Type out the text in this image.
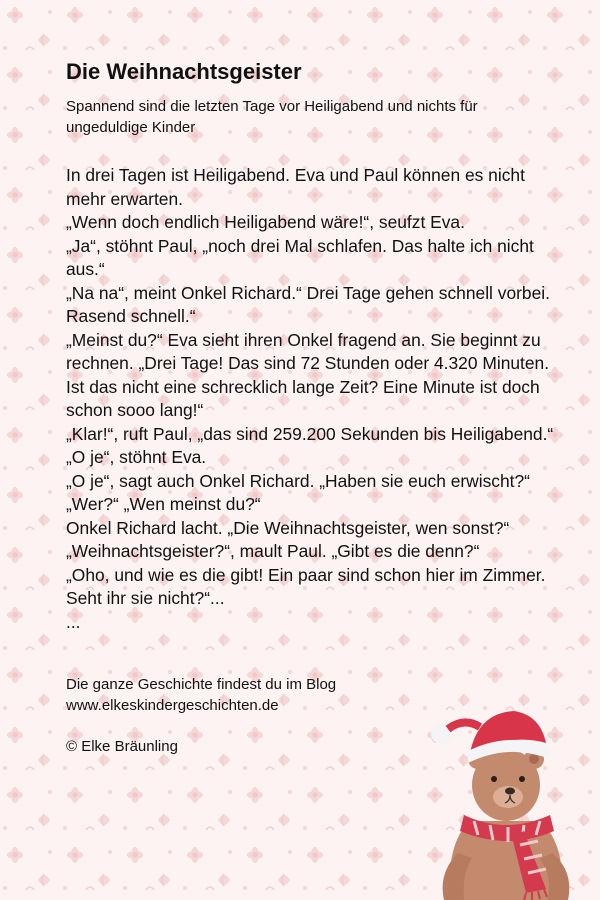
Die Weihnachtsgeister

Spannend sind die letzten Tage vor Heiligabend und nichts für ungeduldige Kinder

In drei Tagen ist Heiligabend. Eva und Paul können es nicht mehr erwarten.

„Wenn doch endlich Heiligabend wäre!“, seufzt Eva.

„Ja“, stöhnt Paul, „noch drei Mal schlafen. Das halte ich nicht aus.“

„Na na“, meint Onkel Richard.“ Drei Tage gehen schnell vorbei. Rasend schnell.“

„Meinst du?“ Eva sieht ihren Onkel fragend an. Sie beginnt zu rechnen. „Drei Tage! Das sind 72 Stunden oder 4.320 Minuten. Ist das nicht eine schrecklich lange Zeit? Eine Minute ist doch schon sooo lang!“

„Klar!“, ruft Paul, „das sind 259.200 Sekunden bis Heiligabend.“

„O je“, stöhnt Eva.

„O je“, sagt auch Onkel Richard. „Haben sie euch erwischt?“

„Wer?“ „Wen meinst du?“

Onkel Richard lacht. „Die Weihnachtsgeister, wen sonst?“

„Weihnachtsgeister?“, mault Paul. „Gibt es die denn?“

„Oho, und wie es die gibt! Ein paar sind schon hier im Zimmer. Seht ihr sie nicht?“...

...

Die ganze Geschichte findest du im Blog

www.elkeskindergeschichten.de

© Elke Bräunling
